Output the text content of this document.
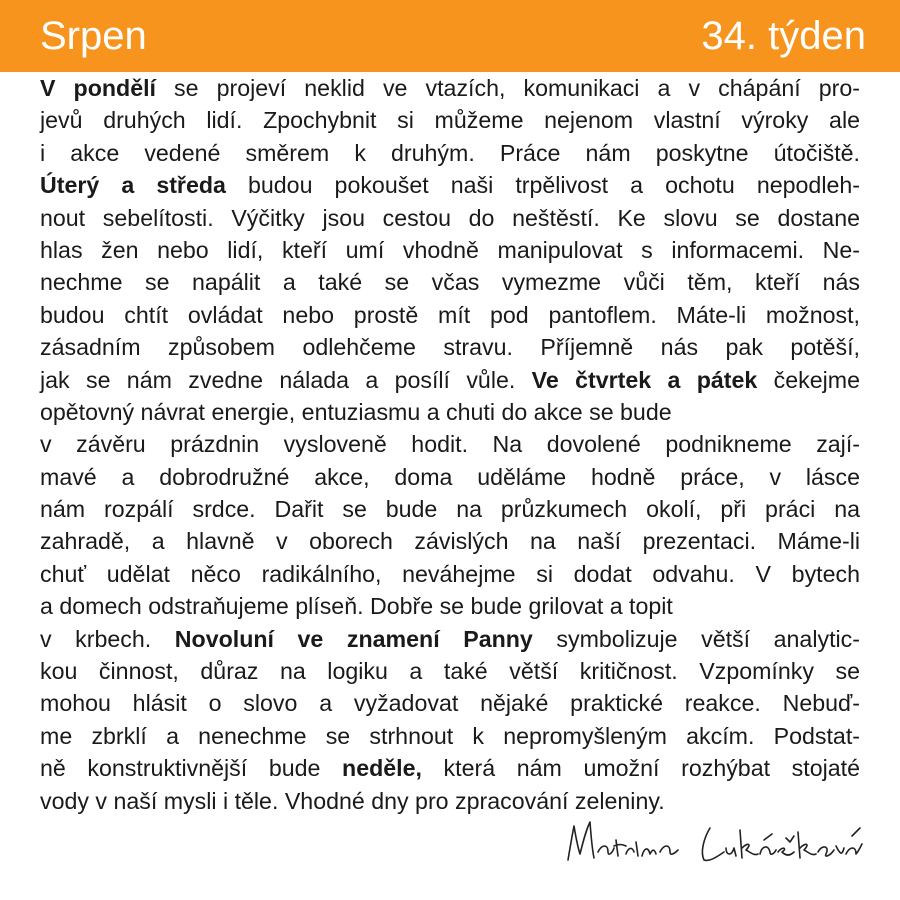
Srpen	34. týden
V pondělí se projeví neklid ve vtazích, komunikaci a v chápání pro-
jevů druhých lidí. Zpochybnit si můžeme nejenom vlastní výroky ale
i akce vedené směrem k druhým. Práce nám poskytne útočiště.
Úterý a středa budou pokoušet naši trpělivost a ochotu nepodleh-
nout sebelítosti. Výčitky jsou cestou do neštěstí. Ke slovu se dostane
hlas žen nebo lidí, kteří umí vhodně manipulovat s informacemi. Ne-
nechme se napálit a také se včas vymezme vůči těm, kteří nás
budou chtít ovládat nebo prostě mít pod pantoflem. Máte-li možnost,
zásadním způsobem odlehčeme stravu. Příjemně nás pak potěší,
jak se nám zvedne nálada a posílí vůle. Ve čtvrtek a pátek čekejme
opětovný návrat energie, entuziasmu a chuti do akce se bude
v závěru prázdnin vysloveně hodit. Na dovolené podnikneme zají-
mavé a dobrodružné akce, doma uděláme hodně práce, v lásce
nám rozpálí srdce. Dařit se bude na průzkumech okolí, při práci na
zahradě, a hlavně v oborech závislých na naší prezentaci. Máme-li
chuť udělat něco radikálního, neváhejme si dodat odvahu. V bytech
a domech odstraňujeme plíseň. Dobře se bude grilovat a topit
v krbech. Novoluní ve znamení Panny symbolizuje větší analytic-
kou činnost, důraz na logiku a také větší kritičnost. Vzpomínky se
mohou hlásit o slovo a vyžadovat nějaké praktické reakce. Nebuď-
me zbrklí a nenechme se strhnout k nepromyšleným akcím. Podstat-
ně konstruktivnější bude neděle, která nám umožní rozhýbat stojaté
vody v naší mysli i těle. Vhodné dny pro zpracování zeleniny.
